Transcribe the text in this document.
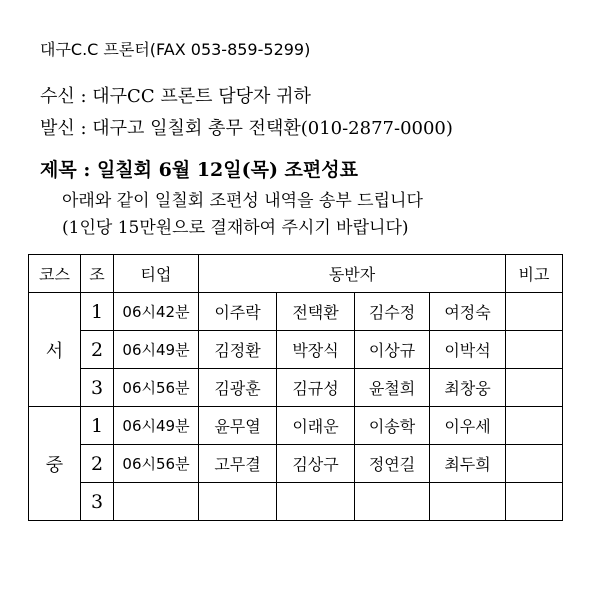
대구C.C 프론터(FAX 053-859-5299)
수신 : 대구CC 프론트 담당자 귀하
발신 : 대구고 일칠회 총무 전택환(010-2877-0000)
제목 : 일칠회 6월 12일(목) 조편성표
아래와 같이 일칠회 조편성 내역을 송부 드립니다
(1인당 15만원으로 결재하여 주시기 바랍니다)
코스	조	티업	동반자				비고
서	1	06시42분	이주락	전택환	김수정	여정숙	
	2	06시49분	김정환	박장식	이상규	이박석	
	3	06시56분	김광훈	김규성	윤철희	최창웅	
중	1	06시49분	윤무열	이래운	이송학	이우세	
	2	06시56분	고무결	김상구	정연길	최두희	
	3						
